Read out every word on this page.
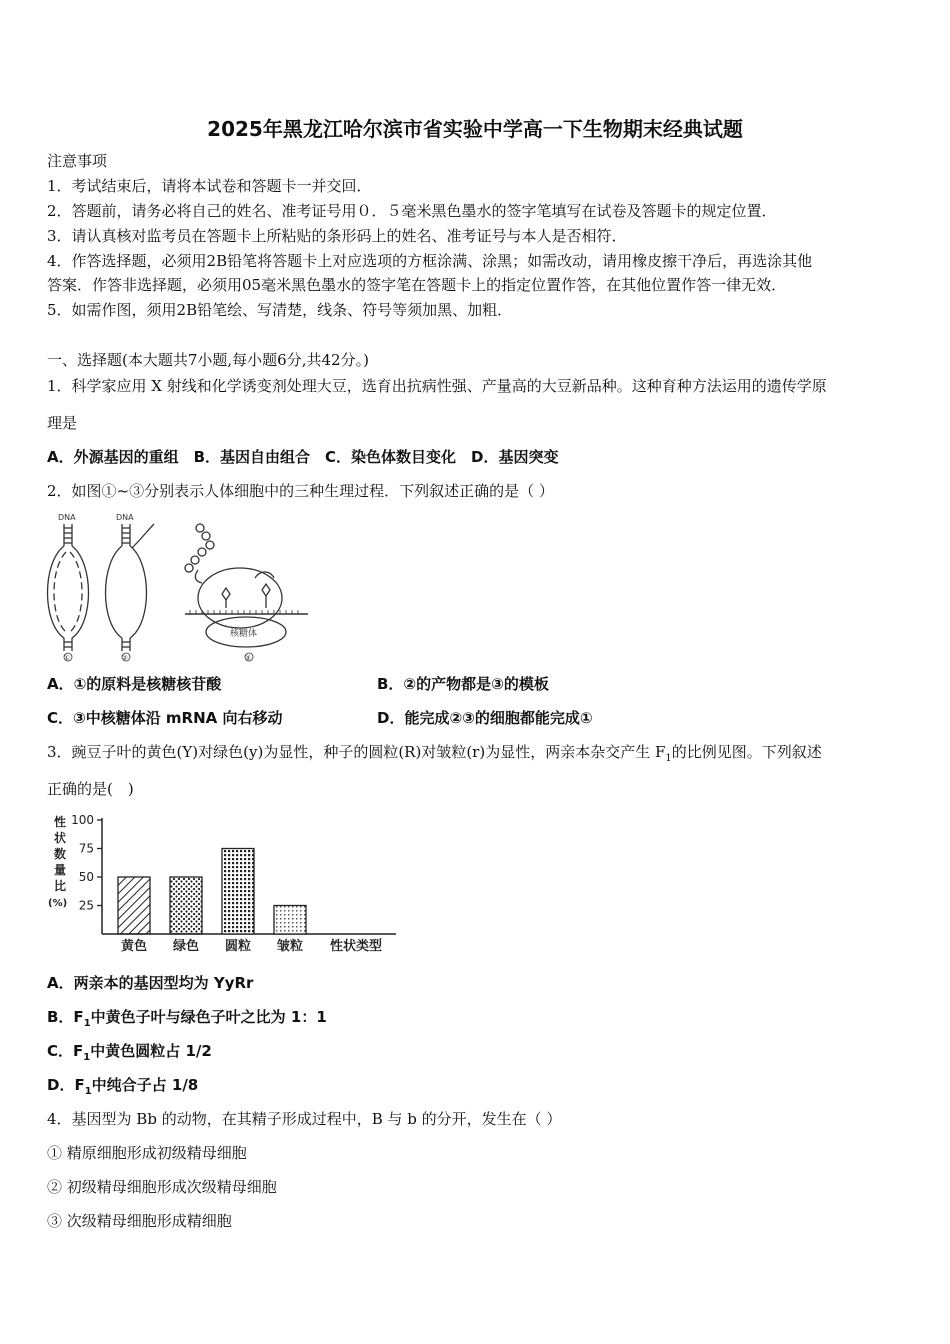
2025年黑龙江哈尔滨市省实验中学高一下生物期末经典试题
注意事项
1．考试结束后，请将本试卷和答题卡一并交回．
2．答题前，请务必将自己的姓名、准考证号用０．５毫米黑色墨水的签字笔填写在试卷及答题卡的规定位置．
3．请认真核对监考员在答题卡上所粘贴的条形码上的姓名、准考证号与本人是否相符．
4．作答选择题，必须用2B铅笔将答题卡上对应选项的方框涂满、涂黑；如需改动，请用橡皮擦干净后，再选涂其他
答案．作答非选择题，必须用05毫米黑色墨水的签字笔在答题卡上的指定位置作答，在其他位置作答一律无效．
5．如需作图，须用2B铅笔绘、写清楚，线条、符号等须加黑、加粗．
一、选择题(本大题共7小题,每小题6分,共42分。)
1．科学家应用 X 射线和化学诱变剂处理大豆，选育出抗病性强、产量高的大豆新品种。这种育种方法运用的遗传学原
理是
A．外源基因的重组　B．基因自由组合　C．染色体数目变化　D．基因突变
2．如图①~③分别表示人体细胞中的三种生理过程．下列叙述正确的是（ ）
DNA
①
DNA
②
核糖体
③
A．①的原料是核糖核苷酸	B．②的产物都是③的模板
C．③中核糖体沿 mRNA 向右移动	D．能完成②③的细胞都能完成①
3．豌豆子叶的黄色(Y)对绿色(y)为显性，种子的圆粒(R)对皱粒(r)为显性，两亲本杂交产生 $F_1$的比例见图。下列叙述
正确的是(　)
性
状
数
量
比
(%)
100
75
50
25
黄色 绿色 圆粒 皱粒 性状类型
A．两亲本的基因型均为 YyRr
B．$F_1$中黄色子叶与绿色子叶之比为 1：1
C．$F_1$中黄色圆粒占 1/2
D．$F_1$中纯合子占 1/8
4．基因型为 Bb 的动物，在其精子形成过程中，B 与 b 的分开，发生在（ ）
① 精原细胞形成初级精母细胞
② 初级精母细胞形成次级精母细胞
③ 次级精母细胞形成精细胞
